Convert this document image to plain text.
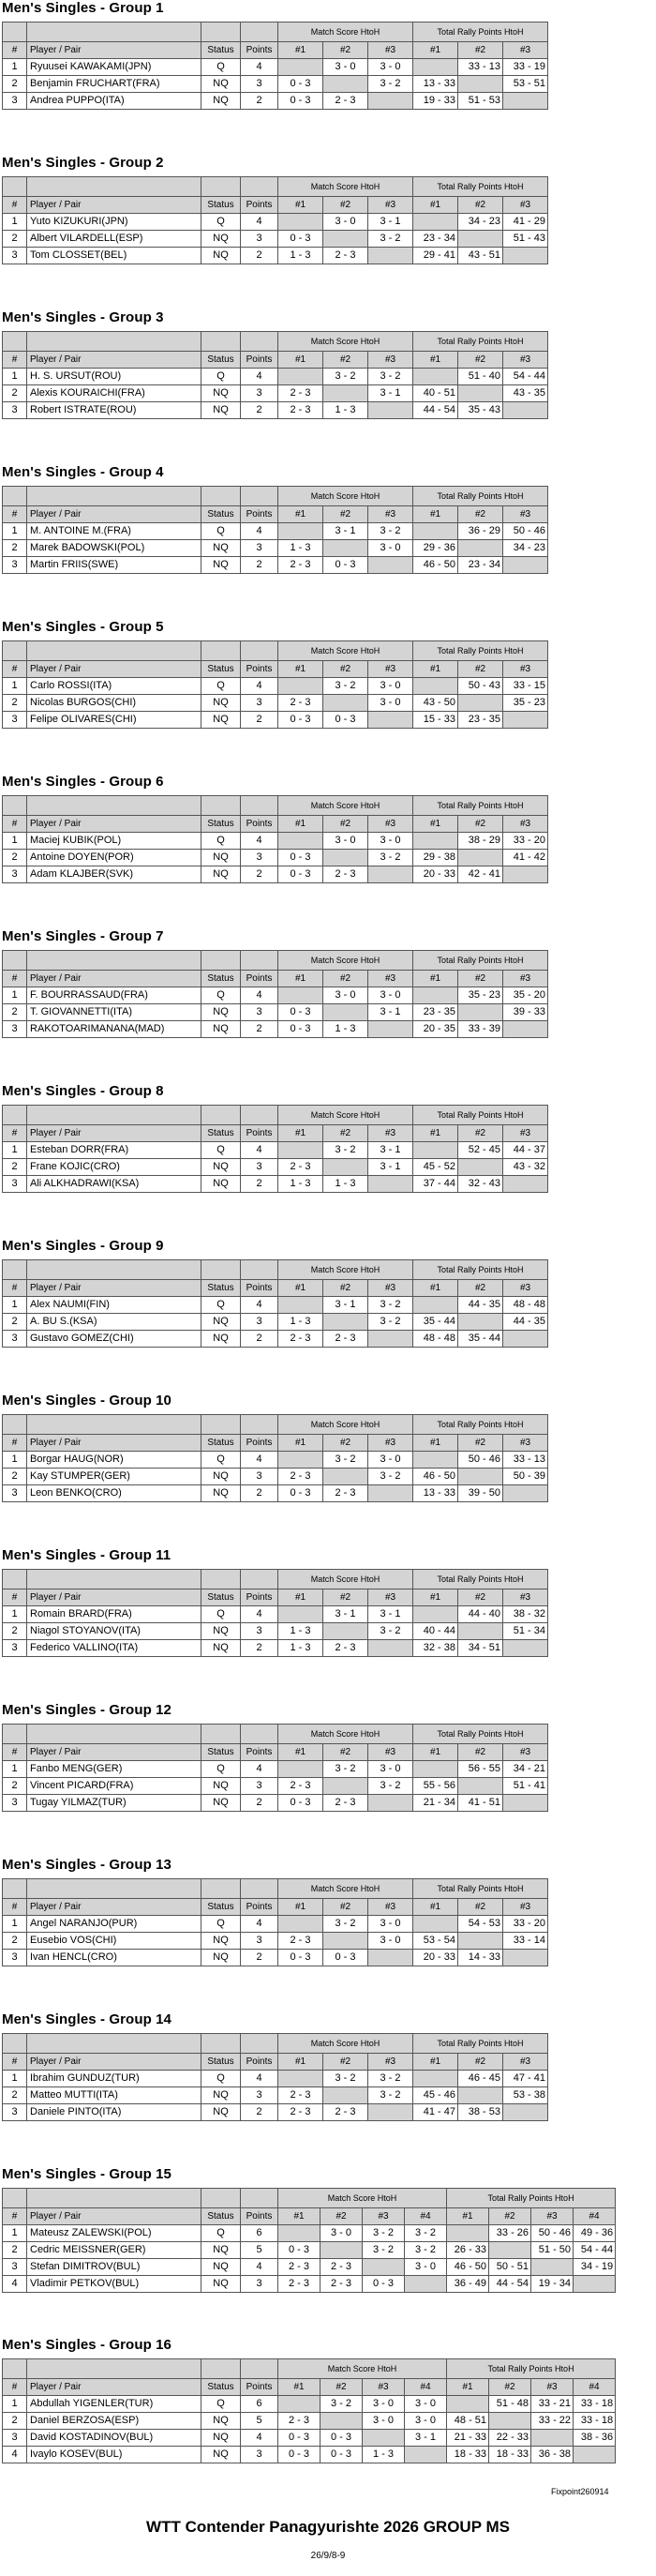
Men's Singles - Group 1
				Match Score HtoH			Total Rally Points HtoH		
#	Player / Pair	Status	Points	#1	#2	#3	#1	#2	#3
1	Ryuusei KAWAKAMI(JPN)	Q	4		3 - 0	3 - 0		33 - 13	33 - 19
2	Benjamin FRUCHART(FRA)	NQ	3	0 - 3		3 - 2	13 - 33		53 - 51
3	Andrea PUPPO(ITA)	NQ	2	0 - 3	2 - 3		19 - 33	51 - 53	
Men's Singles - Group 2
				Match Score HtoH			Total Rally Points HtoH		
#	Player / Pair	Status	Points	#1	#2	#3	#1	#2	#3
1	Yuto KIZUKURI(JPN)	Q	4		3 - 0	3 - 1		34 - 23	41 - 29
2	Albert VILARDELL(ESP)	NQ	3	0 - 3		3 - 2	23 - 34		51 - 43
3	Tom CLOSSET(BEL)	NQ	2	1 - 3	2 - 3		29 - 41	43 - 51	
Men's Singles - Group 3
				Match Score HtoH			Total Rally Points HtoH		
#	Player / Pair	Status	Points	#1	#2	#3	#1	#2	#3
1	H. S. URSUT(ROU)	Q	4		3 - 2	3 - 2		51 - 40	54 - 44
2	Alexis KOURAICHI(FRA)	NQ	3	2 - 3		3 - 1	40 - 51		43 - 35
3	Robert ISTRATE(ROU)	NQ	2	2 - 3	1 - 3		44 - 54	35 - 43	
Men's Singles - Group 4
				Match Score HtoH			Total Rally Points HtoH		
#	Player / Pair	Status	Points	#1	#2	#3	#1	#2	#3
1	M. ANTOINE M.(FRA)	Q	4		3 - 1	3 - 2		36 - 29	50 - 46
2	Marek BADOWSKI(POL)	NQ	3	1 - 3		3 - 0	29 - 36		34 - 23
3	Martin FRIIS(SWE)	NQ	2	2 - 3	0 - 3		46 - 50	23 - 34	
Men's Singles - Group 5
				Match Score HtoH			Total Rally Points HtoH		
#	Player / Pair	Status	Points	#1	#2	#3	#1	#2	#3
1	Carlo ROSSI(ITA)	Q	4		3 - 2	3 - 0		50 - 43	33 - 15
2	Nicolas BURGOS(CHI)	NQ	3	2 - 3		3 - 0	43 - 50		35 - 23
3	Felipe OLIVARES(CHI)	NQ	2	0 - 3	0 - 3		15 - 33	23 - 35	
Men's Singles - Group 6
				Match Score HtoH			Total Rally Points HtoH		
#	Player / Pair	Status	Points	#1	#2	#3	#1	#2	#3
1	Maciej KUBIK(POL)	Q	4		3 - 0	3 - 0		38 - 29	33 - 20
2	Antoine DOYEN(POR)	NQ	3	0 - 3		3 - 2	29 - 38		41 - 42
3	Adam KLAJBER(SVK)	NQ	2	0 - 3	2 - 3		20 - 33	42 - 41	
Men's Singles - Group 7
				Match Score HtoH			Total Rally Points HtoH		
#	Player / Pair	Status	Points	#1	#2	#3	#1	#2	#3
1	F. BOURRASSAUD(FRA)	Q	4		3 - 0	3 - 0		35 - 23	35 - 20
2	T. GIOVANNETTI(ITA)	NQ	3	0 - 3		3 - 1	23 - 35		39 - 33
3	RAKOTOARIMANANA(MAD)	NQ	2	0 - 3	1 - 3		20 - 35	33 - 39	
Men's Singles - Group 8
				Match Score HtoH			Total Rally Points HtoH		
#	Player / Pair	Status	Points	#1	#2	#3	#1	#2	#3
1	Esteban DORR(FRA)	Q	4		3 - 2	3 - 1		52 - 45	44 - 37
2	Frane KOJIC(CRO)	NQ	3	2 - 3		3 - 1	45 - 52		43 - 32
3	Ali ALKHADRAWI(KSA)	NQ	2	1 - 3	1 - 3		37 - 44	32 - 43	
Men's Singles - Group 9
				Match Score HtoH			Total Rally Points HtoH		
#	Player / Pair	Status	Points	#1	#2	#3	#1	#2	#3
1	Alex NAUMI(FIN)	Q	4		3 - 1	3 - 2		44 - 35	48 - 48
2	A. BU S.(KSA)	NQ	3	1 - 3		3 - 2	35 - 44		44 - 35
3	Gustavo GOMEZ(CHI)	NQ	2	2 - 3	2 - 3		48 - 48	35 - 44	
Men's Singles - Group 10
				Match Score HtoH			Total Rally Points HtoH		
#	Player / Pair	Status	Points	#1	#2	#3	#1	#2	#3
1	Borgar HAUG(NOR)	Q	4		3 - 2	3 - 0		50 - 46	33 - 13
2	Kay STUMPER(GER)	NQ	3	2 - 3		3 - 2	46 - 50		50 - 39
3	Leon BENKO(CRO)	NQ	2	0 - 3	2 - 3		13 - 33	39 - 50	
Men's Singles - Group 11
				Match Score HtoH			Total Rally Points HtoH		
#	Player / Pair	Status	Points	#1	#2	#3	#1	#2	#3
1	Romain BRARD(FRA)	Q	4		3 - 1	3 - 1		44 - 40	38 - 32
2	Niagol STOYANOV(ITA)	NQ	3	1 - 3		3 - 2	40 - 44		51 - 34
3	Federico VALLINO(ITA)	NQ	2	1 - 3	2 - 3		32 - 38	34 - 51	
Men's Singles - Group 12
				Match Score HtoH			Total Rally Points HtoH		
#	Player / Pair	Status	Points	#1	#2	#3	#1	#2	#3
1	Fanbo MENG(GER)	Q	4		3 - 2	3 - 0		56 - 55	34 - 21
2	Vincent PICARD(FRA)	NQ	3	2 - 3		3 - 2	55 - 56		51 - 41
3	Tugay YILMAZ(TUR)	NQ	2	0 - 3	2 - 3		21 - 34	41 - 51	
Men's Singles - Group 13
				Match Score HtoH			Total Rally Points HtoH		
#	Player / Pair	Status	Points	#1	#2	#3	#1	#2	#3
1	Angel NARANJO(PUR)	Q	4		3 - 2	3 - 0		54 - 53	33 - 20
2	Eusebio VOS(CHI)	NQ	3	2 - 3		3 - 0	53 - 54		33 - 14
3	Ivan HENCL(CRO)	NQ	2	0 - 3	0 - 3		20 - 33	14 - 33	
Men's Singles - Group 14
				Match Score HtoH			Total Rally Points HtoH		
#	Player / Pair	Status	Points	#1	#2	#3	#1	#2	#3
1	Ibrahim GUNDUZ(TUR)	Q	4		3 - 2	3 - 2		46 - 45	47 - 41
2	Matteo MUTTI(ITA)	NQ	3	2 - 3		3 - 2	45 - 46		53 - 38
3	Daniele PINTO(ITA)	NQ	2	2 - 3	2 - 3		41 - 47	38 - 53	
Men's Singles - Group 15
				Match Score HtoH				Total Rally Points HtoH			
#	Player / Pair	Status	Points	#1	#2	#3	#4	#1	#2	#3	#4
1	Mateusz ZALEWSKI(POL)	Q	6		3 - 0	3 - 2	3 - 2		33 - 26	50 - 46	49 - 36
2	Cedric MEISSNER(GER)	NQ	5	0 - 3		3 - 2	3 - 2	26 - 33		51 - 50	54 - 44
3	Stefan DIMITROV(BUL)	NQ	4	2 - 3	2 - 3		3 - 0	46 - 50	50 - 51		34 - 19
4	Vladimir PETKOV(BUL)	NQ	3	2 - 3	2 - 3	0 - 3		36 - 49	44 - 54	19 - 34	
Men's Singles - Group 16
				Match Score HtoH				Total Rally Points HtoH			
#	Player / Pair	Status	Points	#1	#2	#3	#4	#1	#2	#3	#4
1	Abdullah YIGENLER(TUR)	Q	6		3 - 2	3 - 0	3 - 0		51 - 48	33 - 21	33 - 18
2	Daniel BERZOSA(ESP)	NQ	5	2 - 3		3 - 0	3 - 0	48 - 51		33 - 22	33 - 18
3	David KOSTADINOV(BUL)	NQ	4	0 - 3	0 - 3		3 - 1	21 - 33	22 - 33		38 - 36
4	Ivaylo KOSEV(BUL)	NQ	3	0 - 3	0 - 3	1 - 3		18 - 33	18 - 33	36 - 38	
Fixpoint260914
WTT Contender Panagyurishte 2026 GROUP MS
26/9/8-9
